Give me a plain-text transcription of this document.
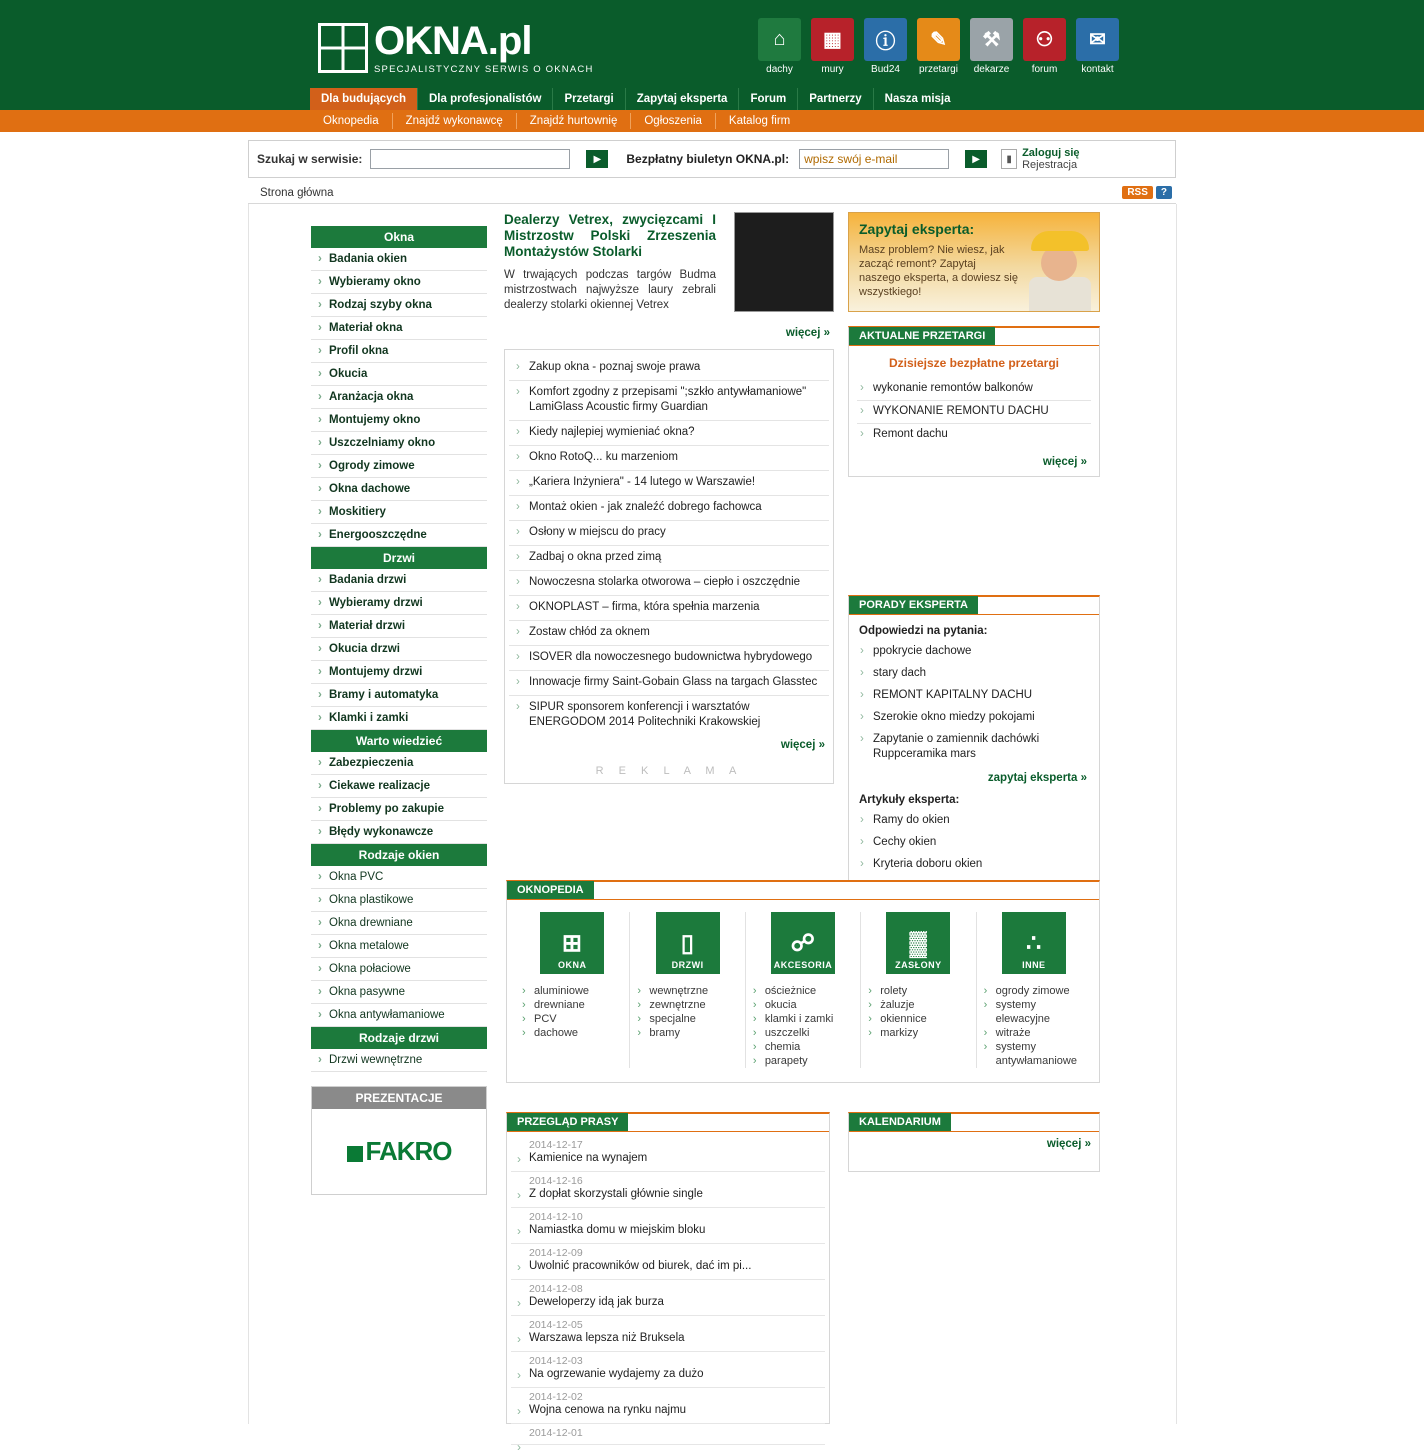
OKNA.pl
SPECJALISTYCZNY SERWIS O OKNACH
⌂
dachy
▦
mury
ⓘ
Bud24
✎
przetargi
⚒
dekarze
⚇
forum
✉
kontakt
Dla budujących	Dla profesjonalistów	Przetargi	Zapytaj eksperta	Forum	Partnerzy	Nasza misja
Oknopedia	Znajdź wykonawcę	Znajdź hurtownię	Ogłoszenia	Katalog firm
Szukaj w serwisie:	▶	Bezpłatny biuletyn OKNA.pl:
wpisz swój e-mail	▶	▮ Zaloguj się
Rejestracja
Strona główna	RSS	?
Okna
› Badania okien
› Wybieramy okno
› Rodzaj szyby okna
› Materiał okna
› Profil okna
› Okucia
› Aranżacja okna
› Montujemy okno
› Uszczelniamy okno
› Ogrody zimowe
› Okna dachowe
› Moskitiery
› Energooszczędne
Drzwi
› Badania drzwi
› Wybieramy drzwi
› Materiał drzwi
› Okucia drzwi
› Montujemy drzwi
› Bramy i automatyka
› Klamki i zamki
Warto wiedzieć
› Zabezpieczenia
› Ciekawe realizacje
› Problemy po zakupie
› Błędy wykonawcze
Rodzaje okien
› Okna PVC
› Okna plastikowe
› Okna drewniane
› Okna metalowe
› Okna połaciowe
› Okna pasywne
› Okna antywłamaniowe
Rodzaje drzwi
› Drzwi wewnętrzne
PREZENTACJE
FAKRO
Dealerzy Vetrex, zwycięzcami I Mistrzostw Polski Zrzeszenia Montażystów Stolarki
W trwających podczas targów Budma mistrzostwach najwyższe laury zebrali dealerzy stolarki okiennej Vetrex
więcej »
› Zakup okna - poznaj swoje prawa
› Komfort zgodny z przepisami ";szkło antywłamaniowe" LamiGlass Acoustic firmy Guardian
› Kiedy najlepiej wymieniać okna?
› Okno RotoQ... ku marzeniom
› „Kariera Inżyniera" - 14 lutego w Warszawie!
› Montaż okien - jak znaleźć dobrego fachowca
› Osłony w miejscu do pracy
› Zadbaj o okna przed zimą
› Nowoczesna stolarka otworowa – ciepło i oszczędnie
› OKNOPLAST – firma, która spełnia marzenia
› Zostaw chłód za oknem
› ISOVER dla nowoczesnego budownictwa hybrydowego
› Innowacje firmy Saint-Gobain Glass na targach Glasstec
› SIPUR sponsorem konferencji i warsztatów ENERGODOM 2014 Politechniki Krakowskiej
więcej »
R E K L A M A
Zapytaj eksperta:

Masz problem? Nie wiesz, jak zacząć remont? Zapytaj naszego eksperta, a dowiesz się wszystkiego!

AKTUALNE PRZETARGI
Dzisiejsze bezpłatne przetargi
› wykonanie remontów balkonów
› WYKONANIE REMONTU DACHU
› Remont dachu
więcej »
PORADY EKSPERTA
Odpowiedzi na pytania:
› ppokrycie dachowe
› stary dach
› REMONT KAPITALNY DACHU
› Szerokie okno miedzy pokojami
› Zapytanie o zamiennik dachówki Ruppceramika mars
zapytaj eksperta »
Artykuły eksperta:
› Ramy do okien
› Cechy okien
› Kryteria doboru okien
›
›
›
OKNOPEDIA
⊞
OKNA
› aluminiowe
› drewniane
› PCV
› dachowe
▯
DRZWI
› wewnętrzne
› zewnętrzne
› specjalne
› bramy
☍
AKCESORIA
› ościeżnice
› okucia
› klamki i zamki
› uszczelki
› chemia
› parapety
▓
ZASŁONY
› rolety
› żaluzje
› okiennice
› markizy
∴
INNE
› ogrody zimowe
› systemy elewacyjne
› witraże
› systemy antywłamaniowe
PRZEGLĄD PRASY
› 2014-12-17
Kamienice na wynajem
› 2014-12-16
Z dopłat skorzystali głównie single
› 2014-12-10
Namiastka domu w miejskim bloku
› 2014-12-09
Uwolnić pracowników od biurek, dać im pi...
› 2014-12-08
Deweloperzy idą jak burza
› 2014-12-05
Warszawa lepsza niż Bruksela
› 2014-12-03
Na ogrzewanie wydajemy za dużo
› 2014-12-02
Wojna cenowa na rynku najmu
› 2014-12-01
KALENDARIUM
więcej »
